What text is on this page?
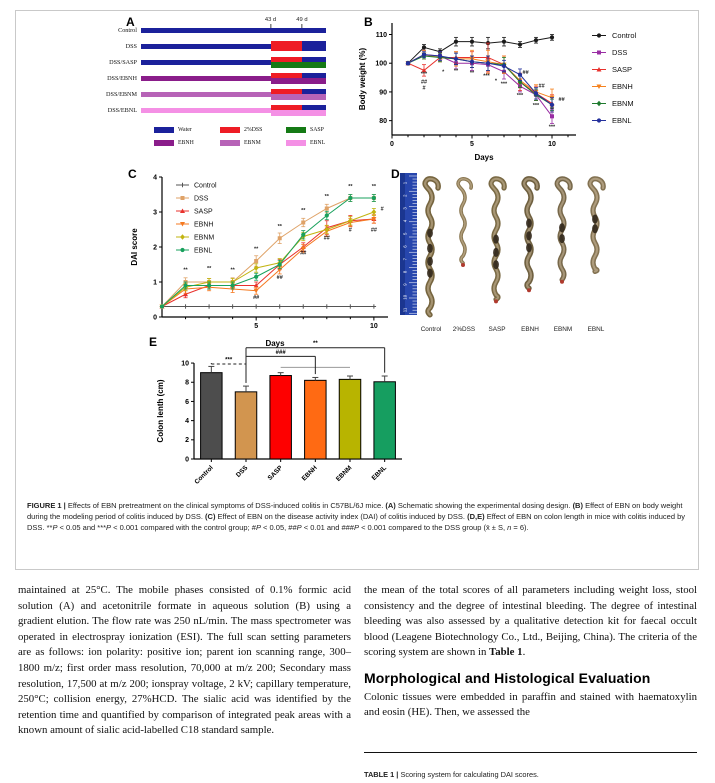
A	43 d	49 d
Control
DSS
DSS/SASP
DSS/EBNH
DSS/EBNM
DSS/EBNL
Water	2%DSS	SASP
EBNH	EBNM	EBNL
B
80
90
100
110
0	5	10
Days
Body weight (%)	***
##
#
* ** ** ***
* ***
***
##
***
##
**
##
***
Control
DSS
SASP
EBNH
EBNM
EBNL
C
0
1
2
3
4
5	10
Days
DAI score
**	**	**
**
**
**
**
**	**
##
##
##
##
#	##
#
Control
DSS
SASP
EBNH
EBNM
EBNL
D
1
2
3
4
5
6
7
8
9
10
11
Control 2%DSS SASP EBNH EBNM EBNL
E
0
2
4
6
8
10
Colon lenth (cm)
Control	DSS	SASP	EBNH EBNM	EBNL
***
###
**
FIGURE 1 | Effects of EBN pretreatment on the clinical symptoms of DSS-induced colitis in C57BL/6J mice. (A) Schematic showing the experimental dosing design. (B) Effect of EBN on body weight during the modeling period of colitis induced by DSS. (C) Effect of EBN on the disease activity index (DAI) of colitis induced by DSS. (D,E) Effect of EBN on colon length in mice with colitis induced by DSS. **P < 0.05 and ***P < 0.001 compared with the control group; #P < 0.05, ##P < 0.01 and ###P < 0.001 compared to the DSS group (x̄ ± S, n = 6).
maintained at 25°C. The mobile phases consisted of 0.1% formic acid solution (A) and acetonitrile formate in aqueous solution (B) using a gradient elution. The flow rate was 250 nL/min. The mass spectrometer was operated in electrospray ionization (ESI). The full scan setting parameters are as follows: ion polarity: positive ion; parent ion scanning range, 300–1800 m/z; first order mass resolution, 70,000 at m/z 200; Secondary mass resolution, 17,500 at m/z 200; ionspray voltage, 2 kV; capillary temperature, 250°C; collision energy, 27%HCD. The sialic acid was identified by the retention time and quantified by comparison of integrated peak areas with a known amount of sialic acid-labelled C18 standard sample.
the mean of the total scores of all parameters including weight loss, stool consistency and the degree of intestinal bleeding. The degree of intestinal bleeding was also assessed by a qualitative detection kit for faecal occult blood (Leagene Biotechnology Co., Ltd., Beijing, China). The criteria of the scoring system are shown in Table 1.
Morphological and Histological Evaluation
Colonic tissues were embedded in paraffin and stained with haematoxylin and eosin (HE). Then, we assessed the
TABLE 1 | Scoring system for calculating DAI scores.
